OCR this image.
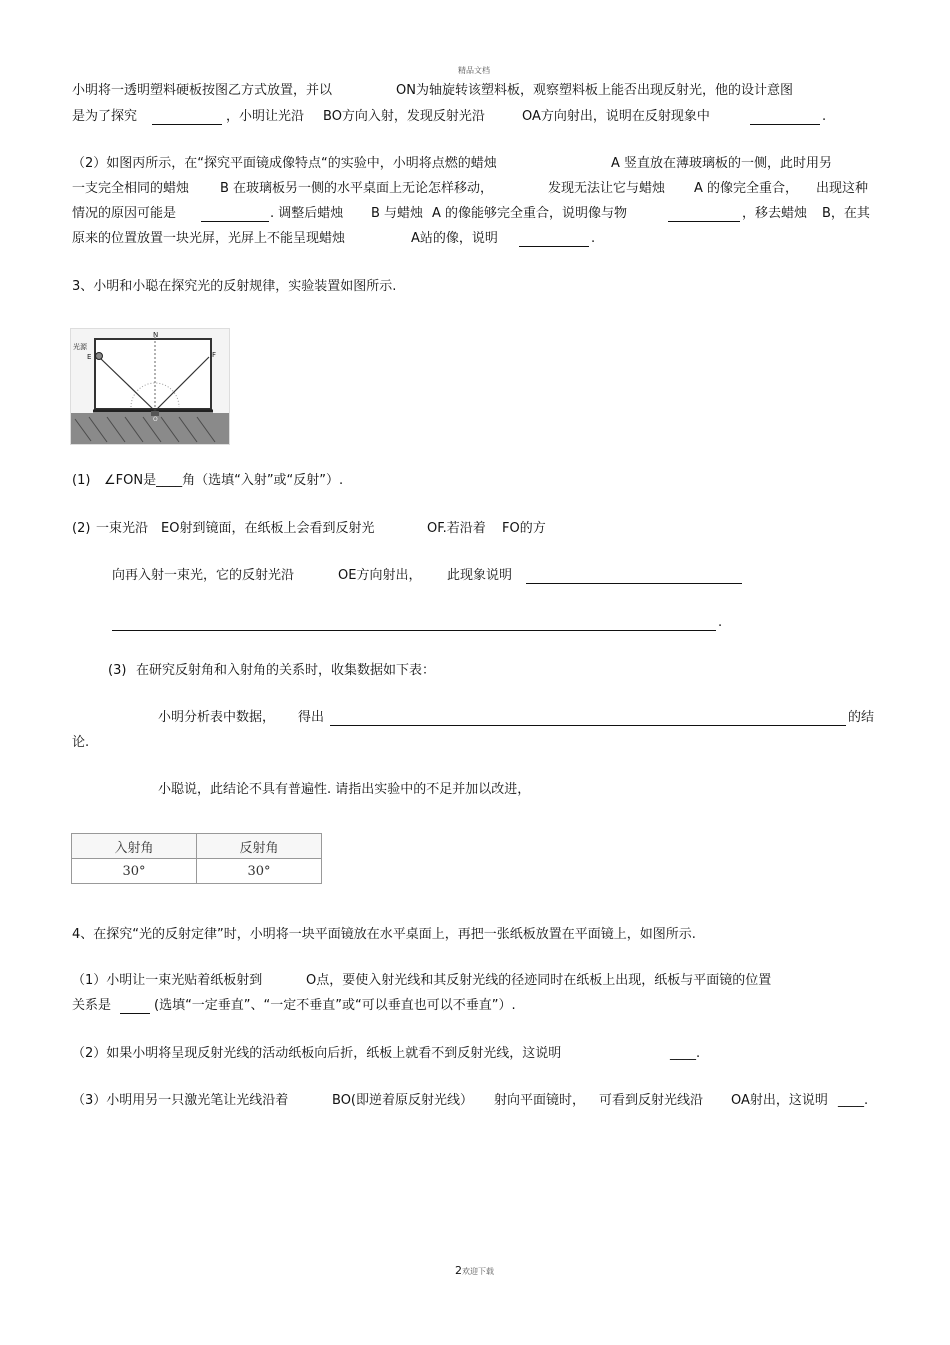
精品文档
小明将一透明塑料硬板按图乙方式放置，并以	ON为轴旋转该塑料板，观察塑料板上能否出现反射光，他的设计意图
是为了探究	，小明让光沿 BO方向入射，发现反射光沿	OA方向射出，说明在反射现象中	.
（2）如图丙所示，在“探究平面镜成像特点“的实验中，小明将点燃的蜡烛	A 竖直放在薄玻璃板的一侧，此时用另
一支完全相同的蜡烛 B 在玻璃板另一侧的水平桌面上无论怎样移动，	发现无法让它与蜡烛 A 的像完全重合， 出现这种
情况的原因可能是	. 调整后蜡烛 B 与蜡烛 A 的像能够完全重合，说明像与物	，移去蜡烛 B，在其
原来的位置放置一块光屏，光屏上不能呈现蜡烛	A站的像，说明	.
3、小明和小聪在探究光的反射规律，实验装置如图所示.
N
光源
E	F
O
(1) ∠FON是____角（选填“入射”或“反射”）.
(2) 一束光沿 EO射到镜面，在纸板上会看到反射光	OF.若沿着 FO的方
向再入射一束光，它的反射光沿	OE方向射出， 此现象说明
.
(3) 在研究反射角和入射角的关系时，收集数据如下表：
小明分析表中数据， 得出	的结
论.
小聪说，此结论不具有普遍性. 请指出实验中的不足并加以改进，
入射角	反射角
30°	30°
4、在探究“光的反射定律”时，小明将一块平面镜放在水平桌面上，再把一张纸板放置在平面镜上，如图所示.
（1）小明让一束光贴着纸板射到	O点，要使入射光线和其反射光线的径迹同时在纸板上出现，纸板与平面镜的位置
关系是	(选填“一定垂直”、“一定不垂直”或“可以垂直也可以不垂直”）.
（2）如果小明将呈现反射光线的活动纸板向后折，纸板上就看不到反射光线，这说明	____.
（3）小明用另一只激光笔让光线沿着	BO(即逆着原反射光线） 射向平面镜时， 可看到反射光线沿 OA射出，这说明 ____.
2欢迎下载
